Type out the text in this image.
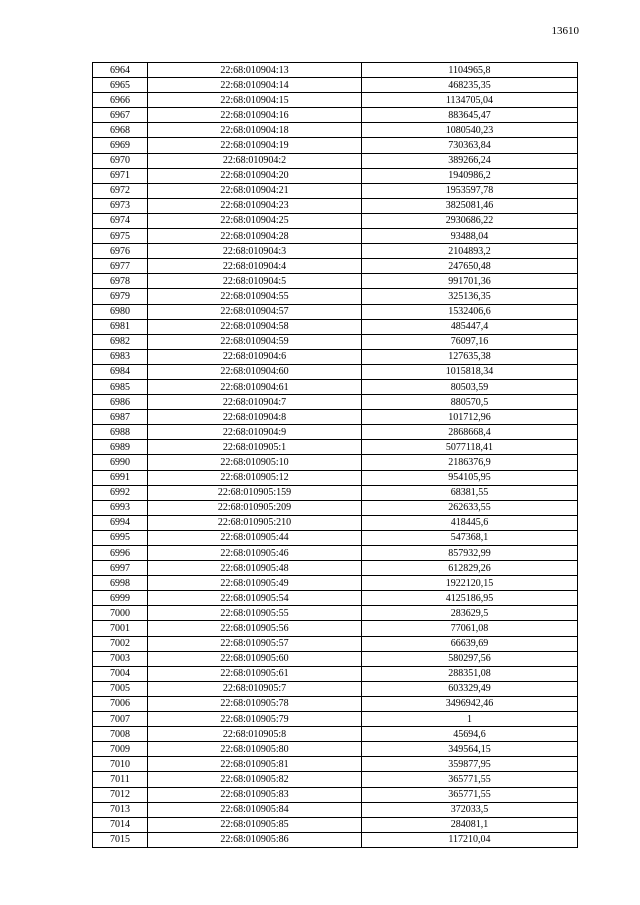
13610
6964	22:68:010904:13	1104965,8
6965	22:68:010904:14	468235,35
6966	22:68:010904:15	1134705,04
6967	22:68:010904:16	883645,47
6968	22:68:010904:18	1080540,23
6969	22:68:010904:19	730363,84
6970	22:68:010904:2	389266,24
6971	22:68:010904:20	1940986,2
6972	22:68:010904:21	1953597,78
6973	22:68:010904:23	3825081,46
6974	22:68:010904:25	2930686,22
6975	22:68:010904:28	93488,04
6976	22:68:010904:3	2104893,2
6977	22:68:010904:4	247650,48
6978	22:68:010904:5	991701,36
6979	22:68:010904:55	325136,35
6980	22:68:010904:57	1532406,6
6981	22:68:010904:58	485447,4
6982	22:68:010904:59	76097,16
6983	22:68:010904:6	127635,38
6984	22:68:010904:60	1015818,34
6985	22:68:010904:61	80503,59
6986	22:68:010904:7	880570,5
6987	22:68:010904:8	101712,96
6988	22:68:010904:9	2868668,4
6989	22:68:010905:1	5077118,41
6990	22:68:010905:10	2186376,9
6991	22:68:010905:12	954105,95
6992	22:68:010905:159	68381,55
6993	22:68:010905:209	262633,55
6994	22:68:010905:210	418445,6
6995	22:68:010905:44	547368,1
6996	22:68:010905:46	857932,99
6997	22:68:010905:48	612829,26
6998	22:68:010905:49	1922120,15
6999	22:68:010905:54	4125186,95
7000	22:68:010905:55	283629,5
7001	22:68:010905:56	77061,08
7002	22:68:010905:57	66639,69
7003	22:68:010905:60	580297,56
7004	22:68:010905:61	288351,08
7005	22:68:010905:7	603329,49
7006	22:68:010905:78	3496942,46
7007	22:68:010905:79	1
7008	22:68:010905:8	45694,6
7009	22:68:010905:80	349564,15
7010	22:68:010905:81	359877,95
7011	22:68:010905:82	365771,55
7012	22:68:010905:83	365771,55
7013	22:68:010905:84	372033,5
7014	22:68:010905:85	284081,1
7015	22:68:010905:86	117210,04
